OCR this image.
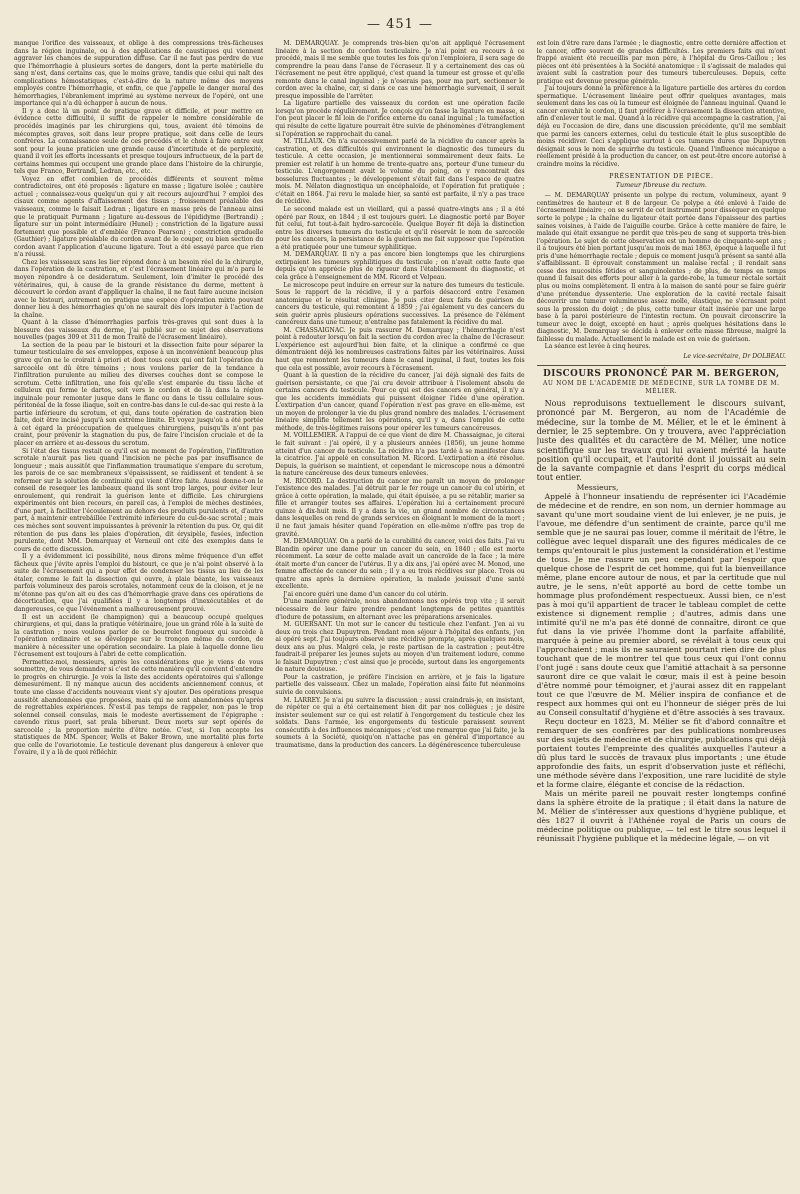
— 451 —

manque l'orifice des vaisseaux, et oblige à des compressions très-fâcheuses dans la région inguinale, ou à des applications de caustiques qui viennent aggraver les chances de suppuration diffuse. Car il ne faut pas perdre de vue que l'hémorrhagie à plusieurs sortes de dangers, dont la perte matérielle du sang n'est, dans certains cas, que le moins grave, tandis que celui qui naît des complications hémostatiques, c'est-à-dire de la nature même des moyens employés contre l'hémorrhagie, et enfin, ce que j'appelle le danger moral des hémorrhagies, l'ébranlement imprimé au système nerveux de l'opéré, ont une importance qui n'a dû échapper à aucun de nous.

Il y a donc là un point de pratique grave et difficile, et pour mettre en évidence cette difficulté, il suffit de rappeler le nombre considérable de procédés imaginés par les chirurgiens qui, tous, avaient été témoins de mécomptes graves, soit dans leur propre pratique, soit dans celle de leurs confrères. La connaissance seule de ces procédés et le choix à faire entre eux sont pour le jeune praticien une grande cause d'incertitude et de perplexité, quand il voit les efforts incessants et presque toujours infructueux, de la part de certains hommes qui occupent une grande place dans l'histoire de la chirurgie, tels que Franco, Bertrandi, Ledran, etc., etc.

Voyez en effet combien de procédés différents et souvent même contradictoires, ont été proposés : ligature en masse ; ligature isolée ; cautère actuel ; connaissez-vous quelqu'un qui y ait recours aujourd'hui ? emploi des cisaux comme agents d'affaissement des tissus ; froissement préalable des vaisseaux, comme le faisait Ledran ; ligature en masse près de l'anneau ainsi que le pratiquait Purmann ; ligature au-dessous de l'épididyme (Bertrandi) ; ligature sur un point intermédiaire (Hunel) ; constriction de la ligature aussi fortement que possible et d'emblée (Franco Pearson) ; constriction graduelle (Gauthier) ; ligature préalable du cordon avant de le couper, ou bien section du cordon avant l'application d'aucune ligature. Tout a été essayé parce que rien n'a réussi.

Chez les vaisseaux sans les lier répond donc à un besoin réel de la chirurgie, dans l'opération de la castration, et c'est l'écrasement linéaire qui m'a paru le moyen répondre à ce desideratum. Seulement, loin d'imiter le procédé des vétérinaires, qui, à cause de la grande résistance du derme, mettent à découvert le cordon avant d'appliquer la chaîne, il ne faut faire aucune incision avec le bistouri, autrement on pratique une espèce d'opération mixte pouvant donner lieu à des hémorrhagies qu'on ne saurait dès lors imputer à l'action de la chaîne.

Quant à la classe d'hémorrhagies parfois très-graves qui sont dues à la blessure des vaisseaux du derme, j'ai publié sur ce sujet des observations nouvelles (pages 309 et 311 de mon Traité de l'écrasement linéaire).

La section de la peau par le bistouri et la dissection faite pour séparer la tumeur testiculaire de ses enveloppes, expose à un inconvénient beaucoup plus grave qu'on ne le croirait à priori et dont tous ceux qui ont fait l'opération du sarcocèle ont dû être témoins ; nous voulons parler de la tendance à l'infiltration purulente au milieu des diverses couches dont se compose le scrotum. Cette infiltration, une fois qu'elle s'est emparée du tissu lâche et celluleux qui forme le dartos, soit vers le cordon et de là dans la région inguinale pour remonter jusque dans le flanc ou dans le tissu cellulaire sous-péritonéal de la fosse iliaque, soit en contre-bas dans le cul-de-sac qui reste à la partie inférieure du scrotum, et qui, dans toute opération de castration bien faite, doit être incisé jusqu'à son extrême limite. Et voyez jusqu'où a été portée à cet égard la préoccupation de quelques chirurgiens, puisqu'ils n'ont pas craint, pour prévenir la stagnation du pus, de faire l'incision cruciale et de la placer en arrière et au-dessous du scrotum.

Si l'état des tissus restait ce qu'il est au moment de l'opération, l'infiltration scrotale n'aurait pas lieu quand l'incision ne pèche pas par insuffisance de longueur ; mais aussitôt que l'inflammation traumatique s'empare du scrotum, les parois de ce sac membraneux s'épaississent, se raidissent et tendent à se refermer sur la solution de continuité qui vient d'être faite. Aussi donne-t-on le conseil de resequer les lambeaux quand ils sont trop larges, pour éviter leur enroulement, qui rendrait la guérison lente et difficile. Les chirurgiens expérimentés ont bien recours, en pareil cas, à l'emploi de mèches destinées, d'une part, à faciliter l'écoulement au dehors des produits purulents et, d'autre part, à maintenir entrebâillée l'extrémité inférieure du cul-de-sac scrotal ; mais ces mèches sont souvent impuissantes à prévenir la rétention du pus. Or, qui dit rétention de pus dans les plaies d'opération, dit érysipèle, fusées, infection purulente, dont MM. Demarquay et Verneuil ont cité des exemples dans le cours de cette discussion.

Il y a évidemment ici possibilité, nous dirons même fréquence d'un effet fâcheux que j'évite après l'emploi du bistouri, ce que je n'ai point observé à la suite de l'écrasement qui a pour effet de condenser les tissus au lieu de les étaler, comme le fait la dissection qui ouvre, à plaie béante, les vaisseaux parfois volumineux des parois scrotales, notamment ceux de la cloison, et je ne m'étonne pas qu'on ait eu des cas d'hémorrhagie grave dans ces opérations de décortication, que j'ai qualifiées il y a longtemps d'inexécutables et de dangereuses, ce que l'événement a malheureusement prouvé.

Il est un accident (le champignon) qui a beaucoup occupé quelques chirurgiens, et qui, dans la pratique vétérinaire, joue un grand rôle à la suite de la castration ; nous voulons parler de ce bourrelet fongueux qui succède à l'opération ordinaire et se développe sur le tronçon même du cordon, de manière à nécessiter une opération secondaire. La plaie à laquelle donne lieu l'écrasement est toujours à l'abri de cette complication.

Permettez-moi, messieurs, après les considérations que je viens de vous soumettre, de vous demander si c'est de cette manière qu'il convient d'entendre le progrès en chirurgie. Je vois la liste des accidents opératoires qui s'allonge démesurément. Il ny manque aucun des accidents anciennement connus, et toute une classe d'accidents nouveaux vient s'y ajouter. Des opérations presque aussitôt abandonnées que proposées, mais qui ne sont abandonnées qu'après de regrettables expériences. N'est-il pas temps de rappeler, non pas le trop solennel conseil consulas, mais le modeste avertissement de l'épigraphe : cavendo rixus puerl, sat prala biberunt. Deux morts sur sept opérés de sarcocèle ; la proportion mérite d'être notée. C'est, si l'on accepte les statistiques de MM. Spencer, Wells et Baker Brown, une mortalité plus forte que celle de l'ovariotomie. Le testicule devenant plus dangereux à enlever que l'ovaire, il y a là de quoi réfléchir.

M. DEMARQUAY. Je comprends très-bien qu'on ait appliqué l'écrasement linéaire à la section du cordon testiculaire. Je n'ai point eu recours à ce procédé, mais il me semble que toutes les fois qu'on l'emploiera, il sera sage de comprendre la peau dans l'anse de l'écraseur. Il y a certainement des cas où l'écrasement ne peut être appliqué, c'est quand la tumeur est grosse et qu'elle remonte dans le canal inguinal ; je n'oserais pas, pour ma part, sectionner le cordon avec la chaîne, car, si dans ce cas une hémorrhagie survenait, il serait presque impossible de l'arrêter.

La ligature partielle des vaisseaux du cordon est une opération facile lorsqu'on procède régulièrement. Je conçois qu'on fasse la ligature en masse, si l'on peut placer le fil loin de l'orifice externe du canal inguinal ; la tuméfaction qui résulte de cette ligature pourrait être suivie de phénomènes d'étranglement si l'opération se rapprochait du canal.

M. TILLAUX. On n'a successivement parlé de la récidive du cancer après la castration, et des difficultés qui environnent le diagnostic des tumeurs du testicule. A cette occasion, je mentionnerai sommairement deux faits. Le premier est relatif à un homme de trente-quatre ans, porteur d'une tumeur du testicule. L'engorgement avait le volume du poing, on y rencontrait des bosselures fluctuantes ; le développement s'était fait dans l'espace de quatre mois. M. Nélaton diagnostiqua un encéphaloïde, et l'opération fut pratiquée ; c'était en 1864. J'ai revu le malade hier, sa santé est parfaite, il n'y a pas trace de récidive.

Le second malade est un vieillard, qui a passé quatre-vingts ans ; il a été opéré par Roux, en 1844 ; il est toujours guéri. Le diagnostic porté par Boyer fut celui, fut tout-à-fait hydro-sarcocèle. Quelque Boyer fit déjà la distinction entre les diverses tumeurs du testicule et qu'il réservât le nom de sarcocèle pour les cancers, la persistance de la guérison me fait supposer que l'opération a été pratiquée pour une tumeur syphilitique.

M. DEMARQUAY. Il n'y a pas encore bien longtemps que les chirurgiens extirpaient les tumeurs syphilitiques du testicule ; on n'avait cette faute que depuis qu'on apprécie plus de rigueur dans l'établissement du diagnostic, et cela grâce à l'enseignement de MM. Ricord et Velpeau.

Le microscope peut induire en erreur sur la nature des tumeurs du testicule. Sous le rapport de la récidive, il y a parfois désaccord entre l'examen anatomique et le résultat clinique. Je puis citer deux faits de guérison de cancers du testicule, qui remontent à 1859 ; j'ai également vu des cancers du sein guérir après plusieurs opérations successives. La présence de l'élément cancéreux dans une tumeur, n'entraîne pas fatalement la récidive du mal.

M. CHASSAIGNAC. Je puis rassurer M. Demarquay ; l'hémorrhagie n'est point à redouter lorsqu'on fait la section du cordon avec la chaîne de l'écraseur. L'expérience est aujourd'hui bien faite, et la clinique a confirmé ce que démontraient déjà les nombreuses castrations faites par les vétérinaires. Aussi haut que remontent les tumeurs dans le canal inguinal, il faut, toutes les fois que cela est possible, avoir recours à l'écrasement.

Quant à la question de la récidive du cancer, j'ai déjà signalé des faits de guérison persistante, ce que j'ai cru devoir attribuer à l'isolement absolu de certains cancers du testicule. Pour ce qui est des cancers en général, il n'y a que les accidents immédiats qui puissent éloigner l'idée d'une opération. L'extirpation d'un cancer, quand l'opération n'est pas grave en elle-même, est un moyen de prolonger la vie du plus grand nombre des malades. L'écrasement linéaire simplifie tellement les opérations, qu'il y a, dans l'emploi de cette méthode, de très-légitimes raisons pour opérer les tumeurs cancéreuses.

M. VOILLEMIER. A l'appui de ce que vient de dire M. Chassaignac, je citerai le fait suivant : j'ai opéré, il y a plusieurs années (1856), un jeune homme atteint d'un cancer du testicule. La récidive n'a pas tardé à se manifester dans la cicatrice. J'ai appelé en consultation M. Ricord. L'extirpation a été résolue. Depuis, la guérison se maintient, et cependant le microscope nous a démontré la nature cancéreuse des deux tumeurs enlevées.

M. RICORD. La destruction du cancer me paraît un moyen de prolonger l'existence des malades. J'ai détruit par le fer rouge un cancer du col utérin, et grâce à cette opération, la malade, qui était épuisée, a pu se rétablir, marier sa fille et arranger toutes ses affaires. L'opération lui a certainement procuré quinze à dix-huit mois. Il y a dans la vie, un grand nombre de circonstances dans lesquelles on rend de grands services en éloignant le moment de la mort ; il ne faut jamais hésiter quand l'opération en elle-même n'offre pas trop de gravité.

M. DEMARQUAY. On a parlé de la curabilité du cancer, voici des faits. J'ai vu Blandin opérer une dame pour un cancer du sein, en 1840 ; elle est morte récemment. La sœur de cette malade avait un cancroïde de la face ; la mère était morte d'un cancer de l'utérus. Il y a dix ans, j'ai opéré avec M. Monod, une femme affectée de cancer du sein ; il y a eu trois récidives sur place. Trois ou quatre ans après la dernière opération, la malade jouissait d'une santé excellente.

J'ai encore guéri une dame d'un cancer du col utérin.

D'une manière générale, nous abandonnons nos opérés trop vite ; il serait nécessaire de leur faire prendre pendant longtemps de petites quantités d'iodure de potassium, en alternant avec les préparations arsenicales.

M. GUERSANT. Un mot sur le cancer du testicule chez l'enfant. J'en ai vu deux ou trois chez Dupuytren. Pendant mon séjour à l'hôpital des enfants, j'en ai opéré sept. J'ai toujours observé une récidive prompte, après quelques mois, deux ans au plus. Malgré cela, je reste partisan de la castration ; peut-être faudrait-il préparer les jeunes sujets au moyen d'un traitement iodure, comme le faisait Dupuytren ; c'est ainsi que je procède, surtout dans les engorgements de nature douteuse.

Pour la castration, je préfère l'incision en arrière, et je fais la ligature partielle des vaisseaux. Chez un malade, l'opération ainsi faite fut néanmoins suivie de convulsions.

M. LARREY. Je n'ai pu suivre la discussion ; aussi craindrais-je, en insistant, de répéter ce qui a été certainement bien dit par nos collègues ; je désire insister seulement sur ce qui est relatif à l'engorgement du testicule chez les soldats. Dans l'armée, les engorgements du testicule paraissent souvent consécutifs à des influences mécaniques ; c'est une remarque que j'ai faite, je la soumets à la Société, quoiqu'on n'attache pas en général d'importance au traumatisme, dans la production des cancers. La dégénérescence tuberculeuse

est loin d'être rare dans l'armée ; le diagnostic, entre cette dernière affection et le cancer, offre souvent de grandes difficultés. Les premiers faits qui m'ont frappé avaient été recueillis par mon père, à l'hôpital du Gros-Caillou ; les pièces ont été présentées à la Société anatomique : il s'agissait de malades qui avaient subi la castration pour des tumeurs tuberculeuses. Depuis, cette pratique est devenue presque générale.

J'ai toujours donné la préférence à la ligature partielle des artères du cordon spermatique. L'écrasement linéaire peut offrir quelques avantages, mais seulement dans les cas où la tumeur est éloignée de l'anneau inguinal. Quand le cancer envahit le cordon, il faut préférer à l'écrasement la dissection attentive, afin d'enlever tout le mal. Quand à la récidive qui accompagne la castration, j'ai déjà eu l'occasion de dire, dans une discussion précédente, qu'il me semblait que parmi les cancers externes, celui du testicule était le plus susceptible de moins récidiver. Ceci s'applique surtout à ces tumeurs dures que Dupuytren désignait sous le nom de squirrhe du testicule. Quand l'influence mécanique a réellement présidé à la production du cancer, on est peut-être encore autorisé à craindre moins la récidive.

PRÉSENTATION DE PIÈCE.
Tumeur fibreuse du rectum.

— M. DEMARQUAY présente un polype du rectum, volumineux, ayant 9 centimètres de hauteur et 8 de largeur. Ce polype a été enlevé à l'aide de l'écrasement linéaire ; on se servit de cet instrument pour disséquer en quelque sorte le polype ; la chaîne du ligateur était portée dans l'épaisseur des parties saines voisines, à l'aide de l'aiguille courbe. Grâce à cette manière de faire, le malade qui était exsangue ne perdit que très-peu de sang et supporta très-bien l'opération. Le sujet de cette observation est un homme de cinquante-sept ans ; il a toujours été bien portant jusqu'au mois de mai 1863, époque à laquelle il fut pris d'une hémorrhagie rectale ; depuis ce moment jusqu'à présent sa santé alla s'affaiblissant. Il éprouvait constamment un malaise rectal ; il rendait sans cesse des mucosités fétides et sanguinolentes ; de plus, de temps en temps quand il faisait des efforts pour aller à la garde-robe, la tumeur rectale sortait plus ou moins complètement. Il entra à la maison de santé pour se faire guérir d'une prétendue dyssenterie. Une exploration de la cavité rectale faisait découvrir une tumeur volumineuse assez molle, élastique, ne s'écrasant point sous la pression du doigt ; de plus, cette tumeur était insérée par une large base à la paroi postérieure de l'intestin rectum. On pouvait circonscrire la tumeur avec le doigt, excepté en haut ; après quelques hésitations dans le diagnostic, M. Demarquay se décida à enlever cette masse fibreuse, malgré la faiblesse du malade. Actuellement le malade est en voie de guérison.

La séance est levée à cinq heures.

Le vice-secrétaire, Dr DOLBEAU.
DISCOURS PRONONCÉ PAR M. BERGERON,
AU NOM DE L'ACADÉMIE DE MÉDECINE, SUR LA TOMBE DE M. MÉLIER.

Nous reproduisons textuellement le discours suivant, prononcé par M. Bergeron, au nom de l'Académie de médecine, sur la tombe de M. Mélier, et le et le éminent à dernier, le 25 septembre. On y trouvera, avec l'appréciation juste des qualités et du caractère de M. Mélier, une notice scientifique sur les travaux qui lui avaient mérité la haute position qu'il occupait, et l'autorité dont il jouissait au sein de la savante compagnie et dans l'esprit du corps médical tout entier.

Messieurs,

Appelé à l'honneur insatiendu de représenter ici l'Académie de médecine et de rendre, en son nom, un dernier hommage au savant qu'une mort soudaine vient de lui enlever, je ne puis, je l'avoue, me défendre d'un sentiment de crainte, parce qu'il me semble que je ne saurai pas louer, comme il méritait de l'être, le collègue avec lequel disparaît une des figures médicales de ce temps qu'entourait le plus justement la considération et l'estime de tous. Je me rassure un peu cependant par l'espoir que quelque chose de l'esprit de cet homme, qui fut la bienveillance même, plane encore autour de nous, et par la certitude que nul autre, je le sens, n'eût apporté au bord de cette tombe un hommage plus profondément respectueux. Aussi bien, ce n'est pas à moi qu'il appartient de tracer le tableau complet de cette existence si dignement remplie ; d'autres, admis dans une intimité qu'il ne m'a pas été donné de connaître, diront ce que fut dans la vie privée l'homme dont la parfaite affabilité, marquée à peine au premier abord, se révélait à tous ceux qui l'approchaient ; mais ils ne sauraient pourtant rien dire de plus touchant que de le montrer tel que tous ceux qui l'ont connu l'ont jugé : sans doute ceux que l'amitié attachait à sa personne sauront dire ce que valait le cœur, mais il est à peine besoin d'être nommé pour témoigner, et j'aurai assez dit en rappelant tout ce que l'œuvre de M. Mélier inspira de confiance et de respect aux hommes qui ont eu l'honneur de siéger près de lui au Conseil consultatif d'hygiène et d'être associés à ses travaux.

Reçu docteur en 1823, M. Mélier se fit d'abord connaître et remarquer de ses confrères par des publications nombreuses sur des sujets de médecine et de chirurgie, publications qui déjà portaient toutes l'empreinte des qualités auxquelles l'auteur a dû plus tard le succès de travaux plus importants ; une étude approfondie des faits, un esprit d'observation juste et réfléchi, une méthode sévère dans l'exposition, une rare lucidité de style et la forme claire, élégante et concise de la rédaction.

Mais un mérite pareil ne pouvait rester longtemps confiné dans la sphère étroite de la pratique ; il était dans la nature de M. Mélier de s'intéresser aux questions d'hygiène publique, et dès 1827 il ouvrit à l'Athénée royal de Paris un cours de médecine politique ou publique, — tel est le titre sous lequel il réunissait l'hygiène publique et la médecine légale, — on vit
